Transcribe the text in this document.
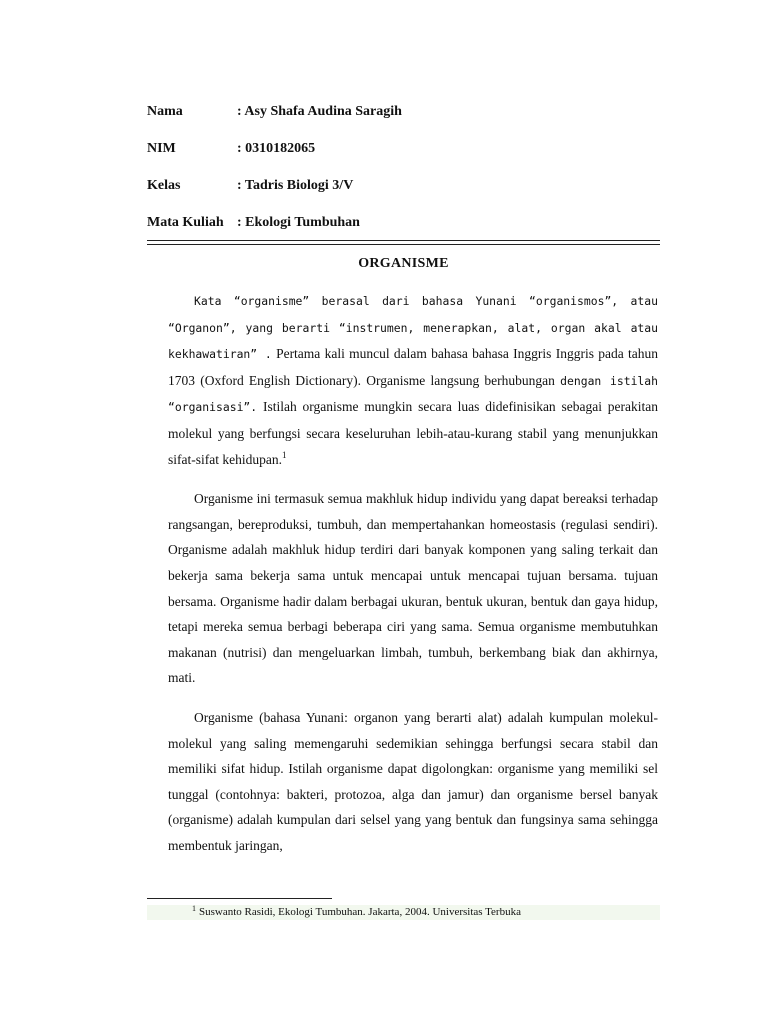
Nama	: Asy Shafa Audina Saragih
NIM	: 0310182065
Kelas	: Tadris Biologi 3/V
Mata Kuliah : Ekologi Tumbuhan
ORGANISME

Kata “organisme” berasal dari bahasa Yunani “organismos”, atau “Organon”, yang berarti “instrumen, menerapkan, alat, organ akal atau kekhawatiran” . Pertama kali muncul dalam bahasa bahasa Inggris Inggris pada tahun 1703 (Oxford English Dictionary). Organisme langsung berhubungan dengan istilah “organisasi”. Istilah organisme mungkin secara luas didefinisikan sebagai perakitan molekul yang berfungsi secara keseluruhan lebih-atau-kurang stabil yang menunjukkan sifat-sifat kehidupan.$^1$

Organisme ini termasuk semua makhluk hidup individu yang dapat bereaksi terhadap rangsangan, bereproduksi, tumbuh, dan mempertahankan homeostasis (regulasi sendiri). Organisme adalah makhluk hidup terdiri dari banyak komponen yang saling terkait dan bekerja sama bekerja sama untuk mencapai untuk mencapai tujuan bersama. tujuan bersama. Organisme hadir dalam berbagai ukuran, bentuk ukuran, bentuk dan gaya hidup, tetapi mereka semua berbagi beberapa ciri yang sama. Semua organisme membutuhkan makanan (nutrisi) dan mengeluarkan limbah, tumbuh, berkembang biak dan akhirnya, mati.

Organisme (bahasa Yunani: organon yang berarti alat) adalah kumpulan molekul-molekul yang saling memengaruhi sedemikian sehingga berfungsi secara stabil dan memiliki sifat hidup. Istilah organisme dapat digolongkan: organisme yang memiliki sel tunggal (contohnya: bakteri, protozoa, alga dan jamur) dan organisme bersel banyak (organisme) adalah kumpulan dari selsel yang yang bentuk dan fungsinya sama sehingga membentuk jaringan,

1 Suswanto Rasidi, Ekologi Tumbuhan. Jakarta, 2004. Universitas Terbuka
